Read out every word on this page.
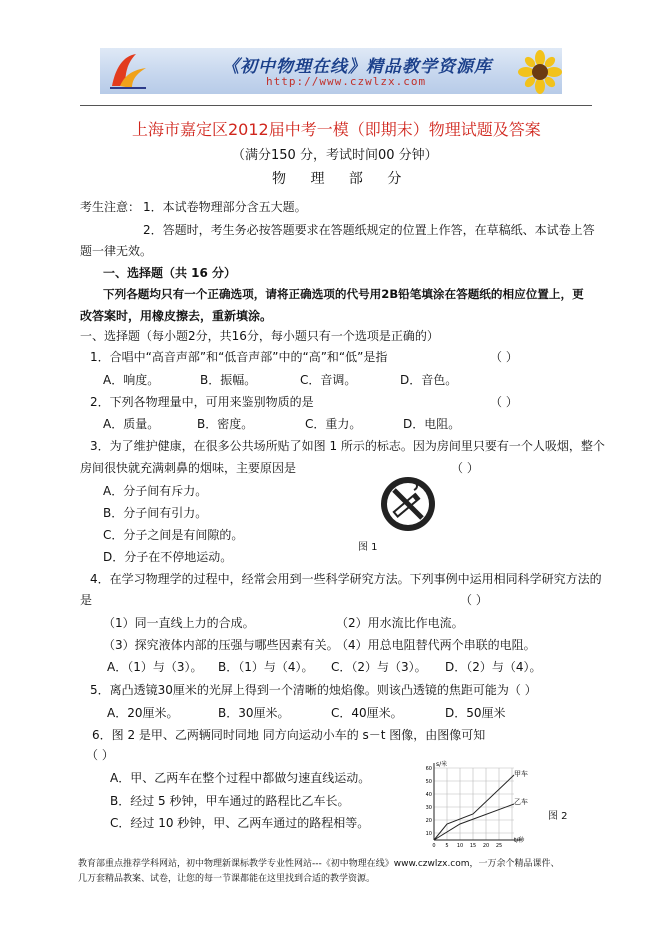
《初中物理在线》精品教学资源库
http://www.czwlzx.com
上海市嘉定区2012届中考一模（即期末）物理试题及答案
（满分150 分，考试时间00 分钟）
物 理 部 分
考生注意： 1．本试卷物理部分含五大题。
2．答题时，考生务必按答题要求在答题纸规定的位置上作答，在草稿纸、本试卷上答
题一律无效。
一、选择题（共 16 分）
下列各题均只有一个正确选项，请将正确选项的代号用2B铅笔填涂在答题纸的相应位置上，更
改答案时，用橡皮擦去，重新填涂。
一、选择题（每小题2分，共16分，每小题只有一个选项是正确的）
1．合唱中“高音声部”和“低音声部”中的“高”和“低”是指	（ ）
A．响度。	B．振幅。	C．音调。	D．音色。
2．下列各物理量中，可用来鉴别物质的是	（ ）
A．质量。	B．密度。	C．重力。	D．电阻。
3．为了维护健康，在很多公共场所贴了如图 1 所示的标志。因为房间里只要有一个人吸烟，整个
房间很快就充满刺鼻的烟味，主要原因是	（ ）
A．分子间有斥力。
B．分子间有引力。
C．分子之间是有间隙的。
D．分子在不停地运动。
图 1
4．在学习物理学的过程中，经常会用到一些科学研究方法。下列事例中运用相同科学研究方法的
是	（ ）
（1）同一直线上力的合成。	（2）用水流比作电流。
（3）探究液体内部的压强与哪些因素有关。
（4）用总电阻替代两个串联的电阻。
A．（1）与（3）。 B．（1）与（4）。 C．（2）与（3）。 D．（2）与（4）。
5．离凸透镜30厘米的光屏上得到一个清晰的烛焰像。则该凸透镜的焦距可能为（ ）
A．20厘米。	B．30厘米。	C．40厘米。	D．50厘米
6．图 2 是甲、乙两辆同时同地 同方向运动小车的 s－t 图像，由图像可知
（ ）
A．甲、乙两车在整个过程中都做匀速直线运动。
B．经过 5 秒钟，甲车通过的路程比乙车长。
C．经过 10 秒钟，甲、乙两车通过的路程相等。
s/米
t/秒
甲车
乙车
60
50
40
30
20
10
0 5 10 15 20 25
图 2
教育部重点推荐学科网站，初中物理新课标教学专业性网站---《初中物理在线》www.czwlzx.com，一万余个精品课件、
几万套精品教案、试卷，让您的每一节课都能在这里找到合适的教学资源。
